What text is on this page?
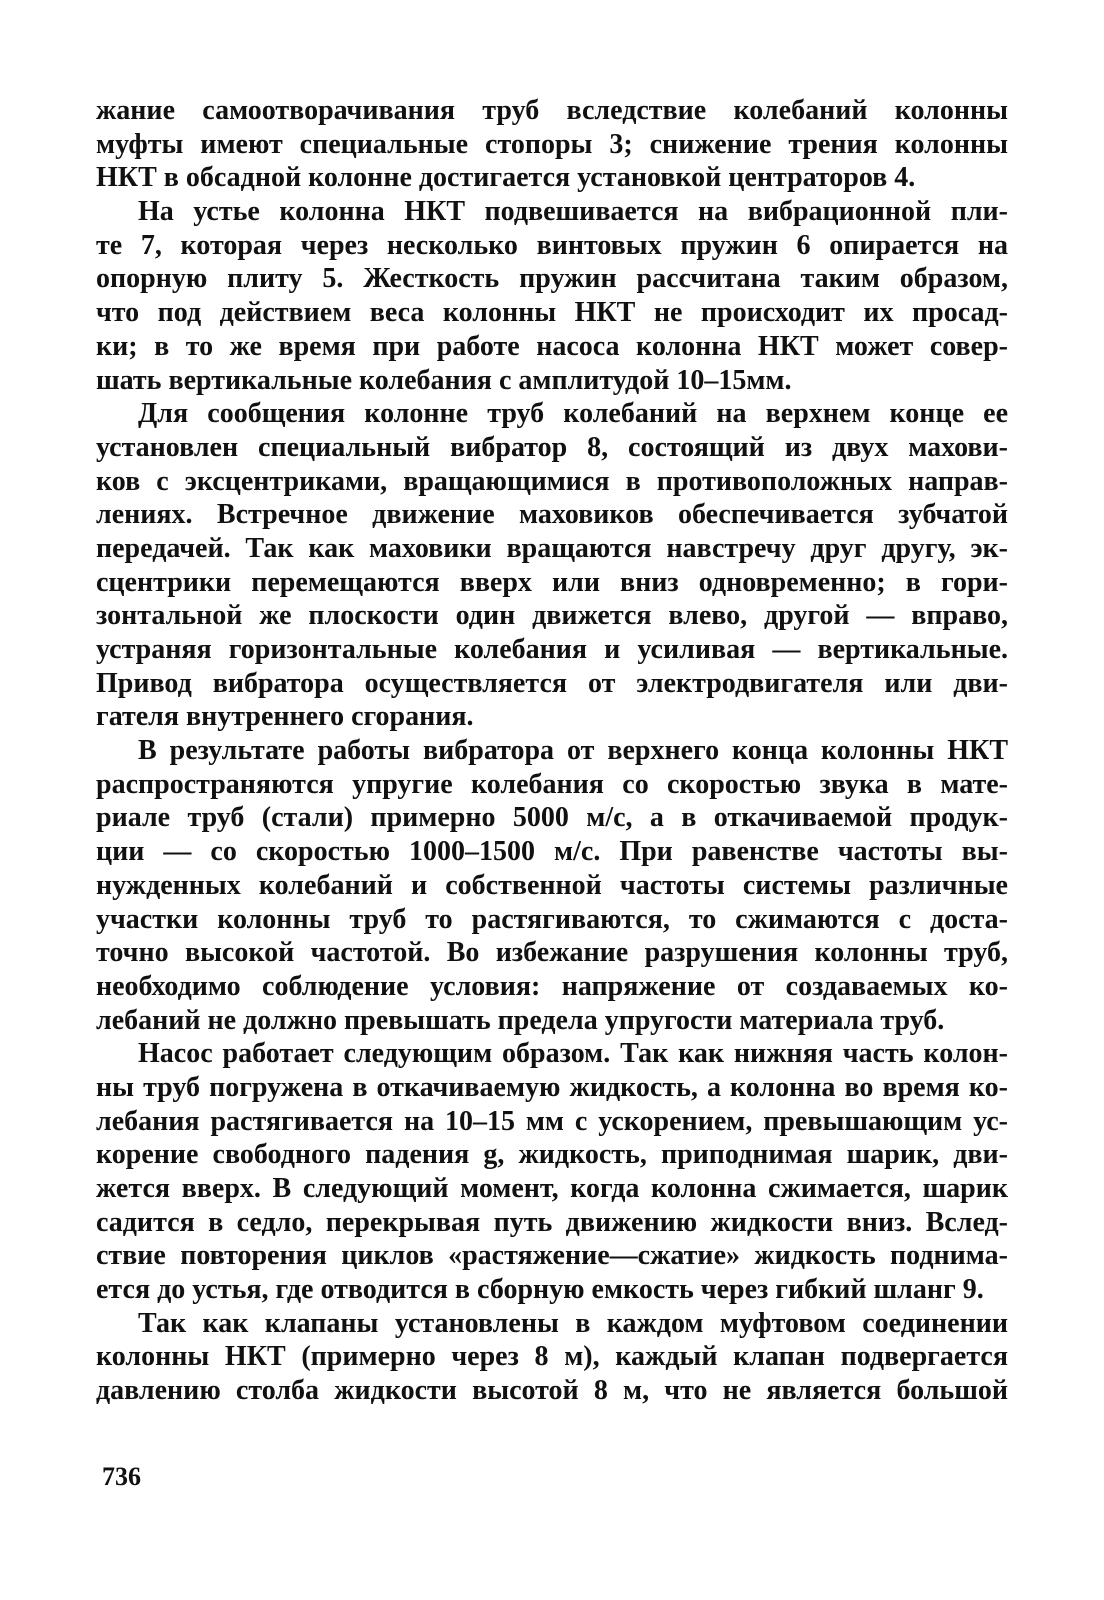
жание самоотворачивания труб вследствие колебаний колонны
муфты имеют специальные стопоры 3; снижение трения колонны
НКТ в обсадной колонне достигается установкой центраторов 4.
На устье колонна НКТ подвешивается на вибрационной пли-
те 7, которая через несколько винтовых пружин 6 опирается на
опорную плиту 5. Жесткость пружин рассчитана таким образом,
что под действием веса колонны НКТ не происходит их просад-
ки; в то же время при работе насоса колонна НКТ может совер-
шать вертикальные колебания с амплитудой 10–15мм.
Для сообщения колонне труб колебаний на верхнем конце ее
установлен специальный вибратор 8, состоящий из двух махови-
ков с эксцентриками, вращающимися в противоположных направ-
лениях. Встречное движение маховиков обеспечивается зубчатой
передачей. Так как маховики вращаются навстречу друг другу, эк-
сцентрики перемещаются вверх или вниз одновременно; в гори-
зонтальной же плоскости один движется влево, другой — вправо,
устраняя горизонтальные колебания и усиливая — вертикальные.
Привод вибратора осуществляется от электродвигателя или дви-
гателя внутреннего сгорания.
В результате работы вибратора от верхнего конца колонны НКТ
распространяются упругие колебания со скоростью звука в мате-
риале труб (стали) примерно 5000 м/с, а в откачиваемой продук-
ции — со скоростью 1000–1500 м/с. При равенстве частоты вы-
нужденных колебаний и собственной частоты системы различные
участки колонны труб то растягиваются, то сжимаются с доста-
точно высокой частотой. Во избежание разрушения колонны труб,
необходимо соблюдение условия: напряжение от создаваемых ко-
лебаний не должно превышать предела упругости материала труб.
Насос работает следующим образом. Так как нижняя часть колон-
ны труб погружена в откачиваемую жидкость, а колонна во время ко-
лебания растягивается на 10–15 мм с ускорением, превышающим ус-
корение свободного падения g, жидкость, приподнимая шарик, дви-
жется вверх. В следующий момент, когда колонна сжимается, шарик
садится в седло, перекрывая путь движению жидкости вниз. Вслед-
ствие повторения циклов «растяжение—сжатие» жидкость поднима-
ется до устья, где отводится в сборную емкость через гибкий шланг 9.
Так как клапаны установлены в каждом муфтовом соединении
колонны НКТ (примерно через 8 м), каждый клапан подвергается
давлению столба жидкости высотой 8 м, что не является большой
736
